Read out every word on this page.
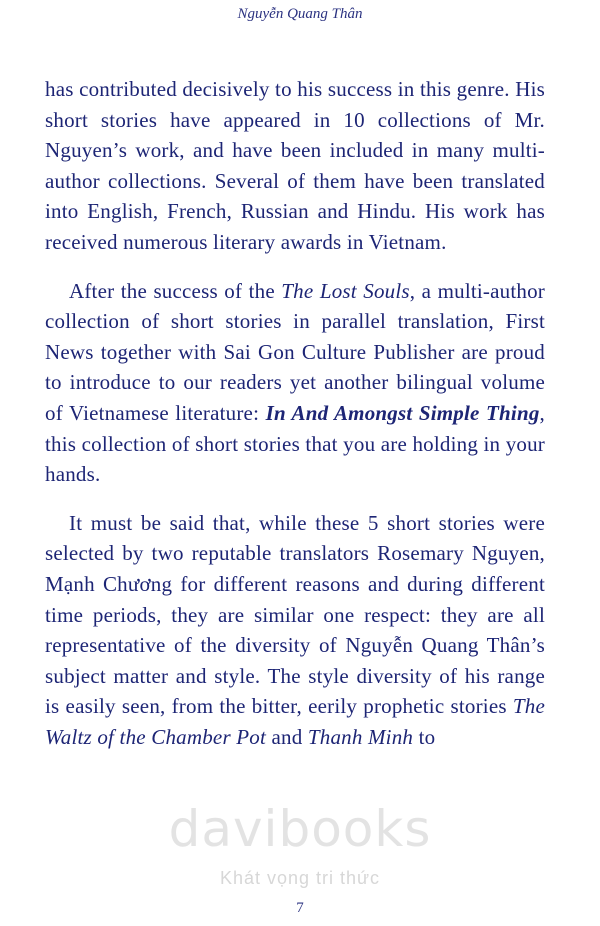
Nguyễn Quang Thân

has contributed decisively to his success in this genre. His short stories have appeared in 10 collections of Mr. Nguyen’s work, and have been included in many multi-author collections. Several of them have been translated into English, French, Russian and Hindu. His work has received numerous literary awards in Vietnam.

After the success of the The Lost Souls, a multi-author collection of short stories in parallel translation, First News together with Sai Gon Culture Publisher are proud to introduce to our readers yet another bilingual volume of Vietnamese literature: In And Amongst Simple Thing, this collection of short stories that you are holding in your hands.

It must be said that, while these 5 short stories were selected by two reputable translators Rosemary Nguyen, Mạnh Chương for different reasons and during different time periods, they are similar one respect: they are all representative of the diversity of Nguyễn Quang Thân’s subject matter and style. The style diversity of his range is easily seen, from the bitter, eerily prophetic stories The Waltz of the Chamber Pot and Thanh Minh to

davibooks
Khát vọng tri thức
7
